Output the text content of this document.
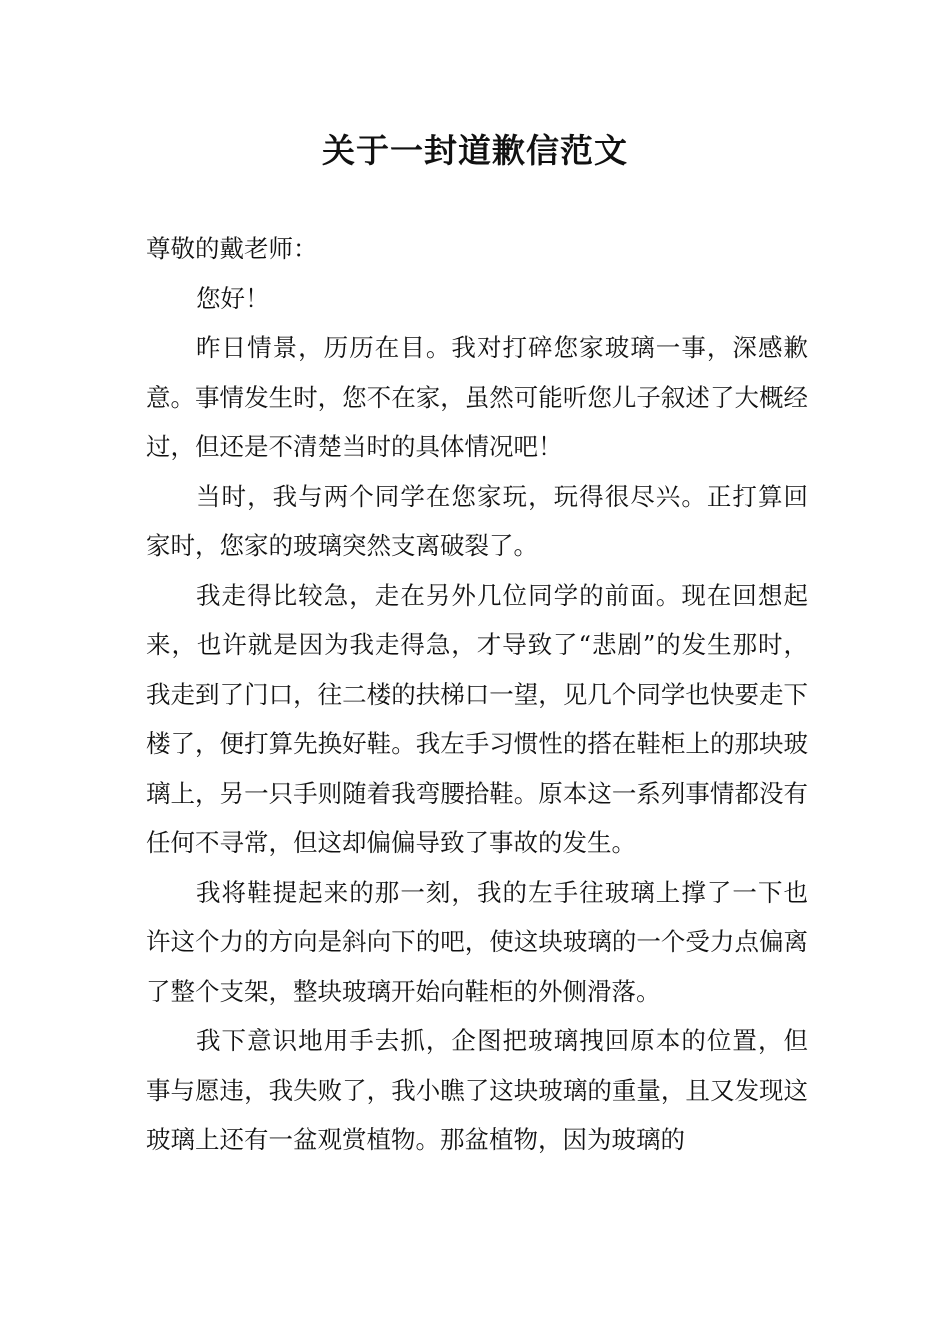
关于一封道歉信范文

尊敬的戴老师：

您好！

昨日情景，历历在目。我对打碎您家玻璃一事，深感歉意。事情发生时，您不在家，虽然可能听您儿子叙述了大概经过，但还是不清楚当时的具体情况吧！

当时，我与两个同学在您家玩，玩得很尽兴。正打算回家时，您家的玻璃突然支离破裂了。

我走得比较急，走在另外几位同学的前面。现在回想起来，也许就是因为我走得急，才导致了“悲剧”的发生那时，我走到了门口，往二楼的扶梯口一望，见几个同学也快要走下楼了，便打算先换好鞋。我左手习惯性的搭在鞋柜上的那块玻璃上，另一只手则随着我弯腰拾鞋。原本这一系列事情都没有任何不寻常，但这却偏偏导致了事故的发生。

我将鞋提起来的那一刻，我的左手往玻璃上撑了一下也许这个力的方向是斜向下的吧，使这块玻璃的一个受力点偏离了整个支架，整块玻璃开始向鞋柜的外侧滑落。

我下意识地用手去抓，企图把玻璃拽回原本的位置，但事与愿违，我失败了，我小瞧了这块玻璃的重量，且又发现这玻璃上还有一盆观赏植物。那盆植物，因为玻璃的
